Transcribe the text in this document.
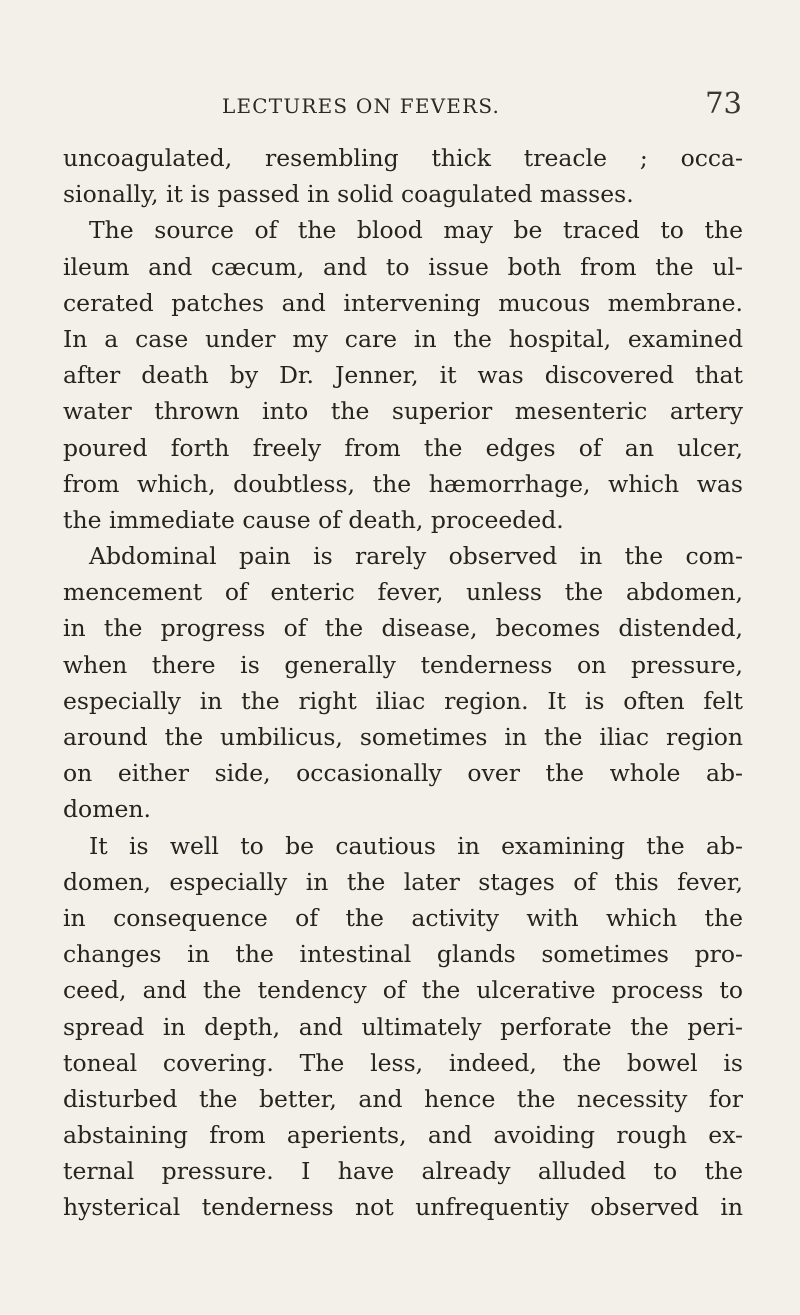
LECTURES ON FEVERS.	73
uncoagulated, resembling thick treacle ; occa-
sionally, it is passed in solid coagulated masses.
The source of the blood may be traced to the
ileum and cæcum, and to issue both from the ul-
cerated patches and intervening mucous membrane.
In a case under my care in the hospital, examined
after death by Dr. Jenner, it was discovered that
water thrown into the superior mesenteric artery
poured forth freely from the edges of an ulcer,
from which, doubtless, the hæmorrhage, which was
the immediate cause of death, proceeded.
Abdominal pain is rarely observed in the com-
mencement of enteric fever, unless the abdomen,
in the progress of the disease, becomes distended,
when there is generally tenderness on pressure,
especially in the right iliac region. It is often felt
around the umbilicus, sometimes in the iliac region
on either side, occasionally over the whole ab-
domen.
It is well to be cautious in examining the ab-
domen, especially in the later stages of this fever,
in consequence of the activity with which the
changes in the intestinal glands sometimes pro-
ceed, and the tendency of the ulcerative process to
spread in depth, and ultimately perforate the peri-
toneal covering. The less, indeed, the bowel is
disturbed the better, and hence the necessity for
abstaining from aperients, and avoiding rough ex-
ternal pressure. I have already alluded to the
hysterical tenderness not unfrequentiy observed in
